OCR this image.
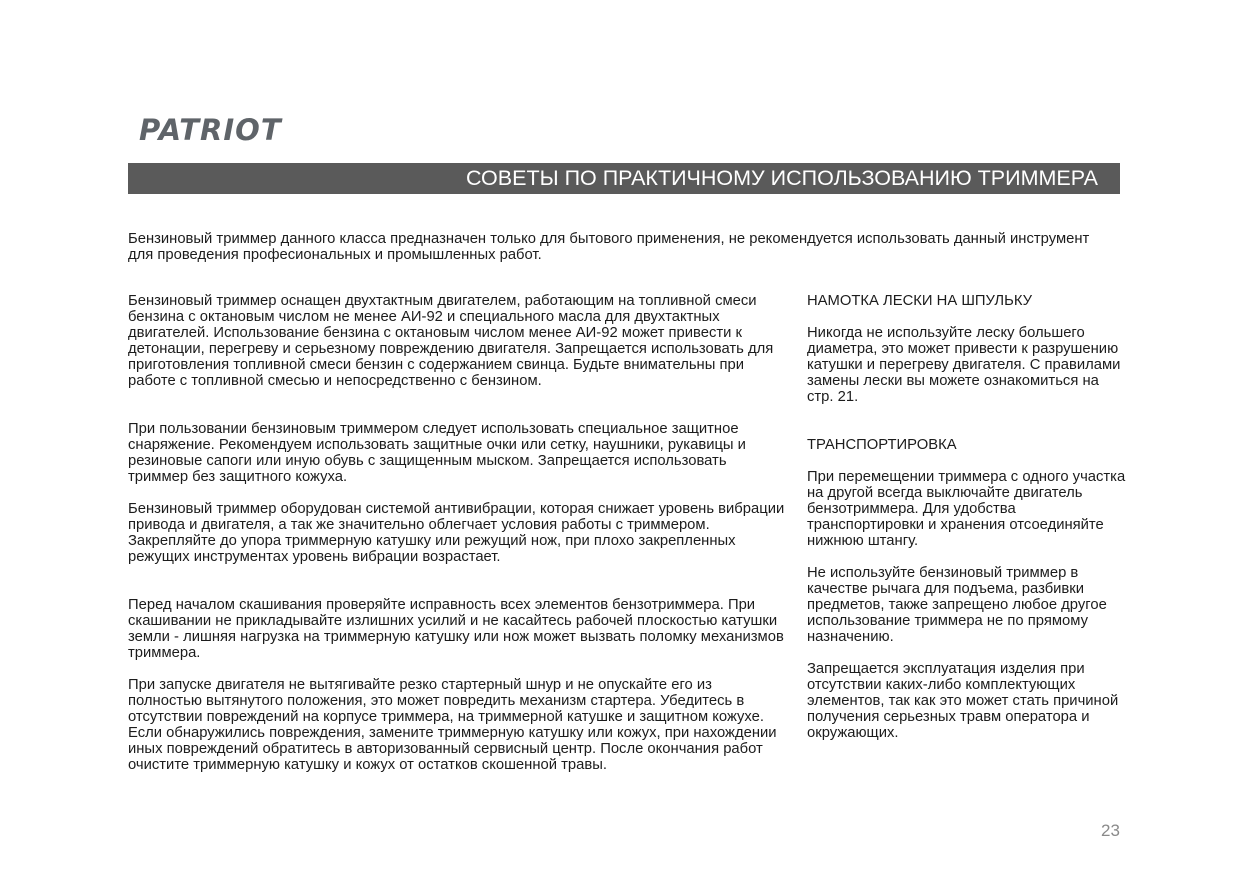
PATRIOT
СОВЕТЫ ПО ПРАКТИЧНОМУ ИСПОЛЬЗОВАНИЮ ТРИММЕРА

Бензиновый триммер данного класса предназначен только для бытового применения, не рекомендуется использовать данный инструмент для проведения професиональных и промышленных работ.

Бензиновый триммер оснащен двухтактным двигателем, работающим на топливной смеси бензина с октановым числом не менее АИ-92 и специального масла для двухтактных двигателей. Использование бензина с октановым числом менее АИ-92 может привести к детонации, перегреву и серьезному повреждению двигателя. Запрещается использовать для приготовления топливной смеси бензин с содержанием свинца. Будьте внимательны при работе с топливной смесью и непосредственно с бензином.

При пользовании бензиновым триммером следует использовать специальное защитное снаряжение. Рекомендуем использовать защитные очки или сетку, наушники, рукавицы и резиновые сапоги или иную обувь с защищенным мыском. Запрещается использовать триммер без защитного кожуха.

Бензиновый триммер оборудован системой антивибрации, которая снижает уровень вибрации привода и двигателя, а так же значительно облегчает условия работы с триммером. Закрепляйте до упора триммерную катушку или режущий нож, при плохо закрепленных режущих инструментах уровень вибрации возрастает.

Перед началом скашивания проверяйте исправность всех элементов бензотриммера. При скашивании не прикладывайте излишних усилий и не касайтесь рабочей плоскостью катушки земли - лишняя нагрузка на триммерную катушку или нож может вызвать поломку механизмов триммера.

При запуске двигателя не вытягивайте резко стартерный шнур и не опускайте его из полностью вытянутого положения, это может повредить механизм стартера. Убедитесь в отсутствии повреждений на корпусе триммера, на триммерной катушке и защитном кожухе. Если обнаружились повреждения, замените триммерную катушку или кожух, при нахождении иных повреждений обратитесь в авторизованный сервисный центр. После окончания работ очистите триммерную катушку и кожух от остатков скошенной травы.

НАМОТКА ЛЕСКИ НА ШПУЛЬКУ

Никогда не используйте леску большего диаметра, это может привести к разрушению катушки и перегреву двигателя. С правилами замены лески вы можете ознакомиться на стр. 21.

ТРАНСПОРТИРОВКА

При перемещении триммера с одного участка на другой всегда выключайте двигатель бензотриммера. Для удобства транспортировки и хранения отсоединяйте нижнюю штангу.

Не используйте бензиновый триммер в качестве рычага для подъема, разбивки предметов, также запрещено любое другое использование триммера не по прямому назначению.

Запрещается эксплуатация изделия при отсутствии каких-либо комплектующих элементов, так как это может стать причиной получения серьезных травм оператора и окружающих.

23
